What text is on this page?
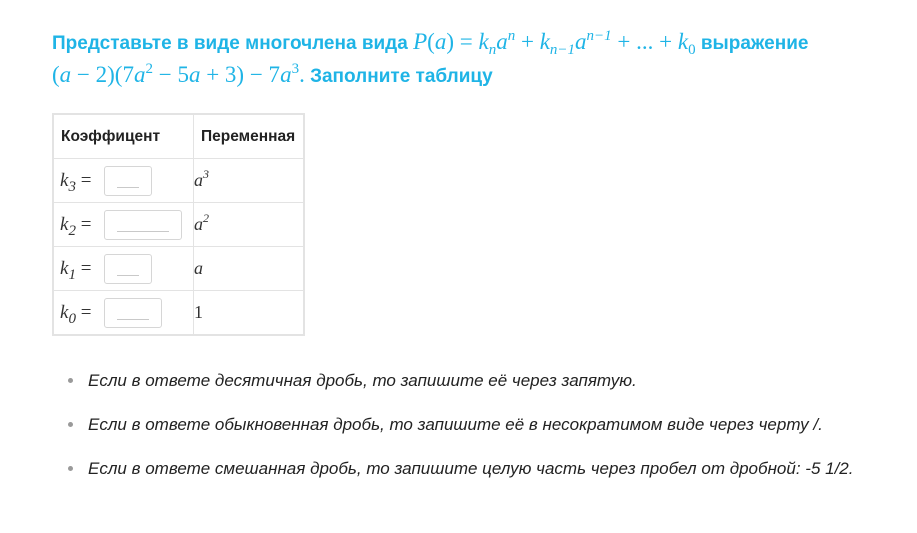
Представьте в виде многочлена вида $P(a) = k_na^n + k_{n-1}a^{n-1}$ + ... + $k_0$ выражение
$(a - 2)(7a^2 - 5a + 3) - 7a^3$. Заполните таблицу
Коэффицент	Переменная

$k_3$ =	$a^3$

$k_2$ =	$a^2$

$k_1$ =	a

$k_0$ =	1
Если в ответе десятичная дробь, то запишите её через запятую.
Если в ответе обыкновенная дробь, то запишите её в несократимом виде через черту /.
Если в ответе смешанная дробь, то запишите целую часть через пробел от дробной: -5 1/2.
